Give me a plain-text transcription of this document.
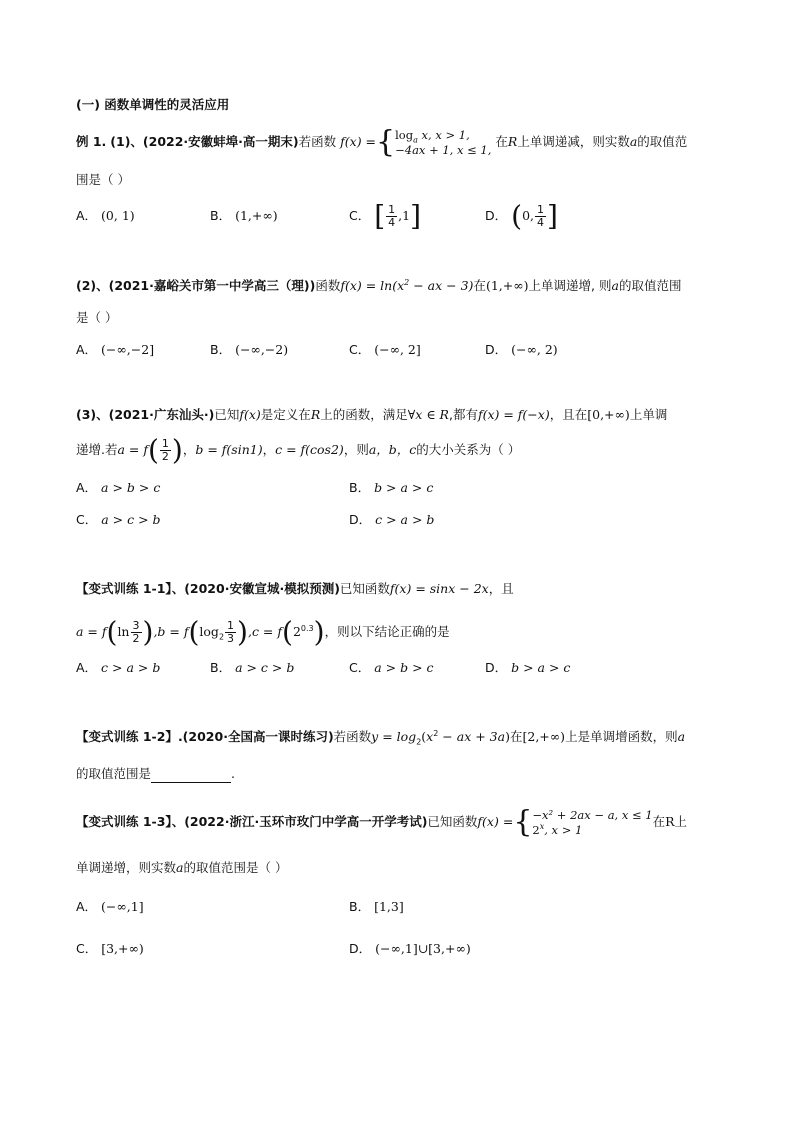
(一) 函数单调性的灵活应用
例 1. (1)、(2022·安徽蚌埠·高一期末)若函数 f(x) ={ $\log_a x$, x > 1,
−4ax + 1, x ≤ 1,
在R上单调递减，则实数a的取值范
围是（ ）
A． (0, 1)	B． (1,+∞)	C． [ $\frac{1}{4} ,1$]	D． (0, $\frac{1}{4}$ ]
(2)、(2021·嘉峪关市第一中学高三（理))函数$f(x) = \ln(x^2$ − ax − 3)在(1,+∞)上单调递增, 则a的取值范围
是（ ）
A． (−∞,−2]	B． (−∞,−2)	C． (−∞, 2]	D． (−∞, 2)
(3)、(2021·广东汕头·)已知f(x)是定义在R上的函数，满足∀x ∈ R,都有f(x) = f(−x)，且在[0,+∞)上单调
递增.若$a = f( \frac{1}{2}$ )，b = f(sin1)，c = f(cos2)，则a，b，c的大小关系为（ ）
A． a > b > c	B． b > a > c
C． a > c > b	D． c > a > b
【变式训练 1-1】、(2020·安徽宣城·模拟预测)已知函数f(x) = sinx − 2x，且
$a = f(\ln \frac{3}{2} ),b = f(\log_2 \frac{1}{3} ),c = f(2^{0.3})$，则以下结论正确的是
A． c > a > b	B． a > c > b	C． a > b > c	D． b > a > c
【变式训练 1-2】.(2020·全国高一课时练习)若函数$y = \log_2(x^2$ − ax + 3a)在[2,+∞)上是单调增函数，则a
的取值范围是	.
【变式训练 1-3】、(2022·浙江·玉环市玫门中学高一开学考试)已知函数f(x) ={ −x² + 2ax − a, x ≤ 1
2$^x$, x > 1
在R上
单调递增，则实数a的取值范围是（ ）
A． (−∞,1]	B． [1,3]
C． [3,+∞)	D． (−∞,1]∪[3,+∞)
